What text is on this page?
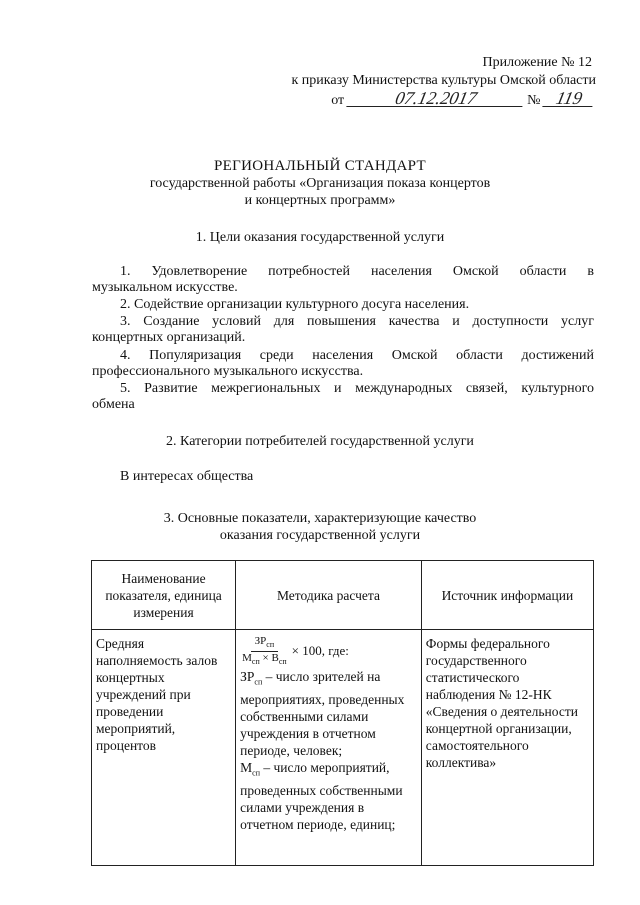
Приложение № 12
к приказу Министерства культуры Омской области
от	07.12.2017	№ 119
РЕГИОНАЛЬНЫЙ СТАНДАРТ
государственной работы «Организация показа концертов
и концертных программ»
1. Цели оказания государственной услуги
1. Удовлетворение потребностей населения Омской области в
музыкальном искусстве.
2. Содействие организации культурного досуга населения.
3. Создание условий для повышения качества и доступности услуг
концертных организаций.
4. Популяризация среди населения Омской области достижений
профессионального музыкального искусства.
5. Развитие межрегиональных и международных связей, культурного
обмена
2. Категории потребителей государственной услуги
В интересах общества
3. Основные показатели, характеризующие качество
оказания государственной услуги
Наименование показателя, единица измерения	Методика расчета	Источник информации
Средняя наполняемость залов концертных учреждений при проведении мероприятий, процентов	$\frac{ЗР_{сп}}{М_{сп} \times В_{сп}} \times 100$, где:
$ЗР_{сп}$ – число зрителей на мероприятиях, проведенных собственными силами учреждения в отчетном периоде, человек;
$М_{сп}$ – число мероприятий, проведенных собственными силами учреждения в отчетном периоде, единиц;	Формы федерального государственного статистического наблюдения № 12-НК «Сведения о деятельности концертной организации, самостоятельного коллектива»
